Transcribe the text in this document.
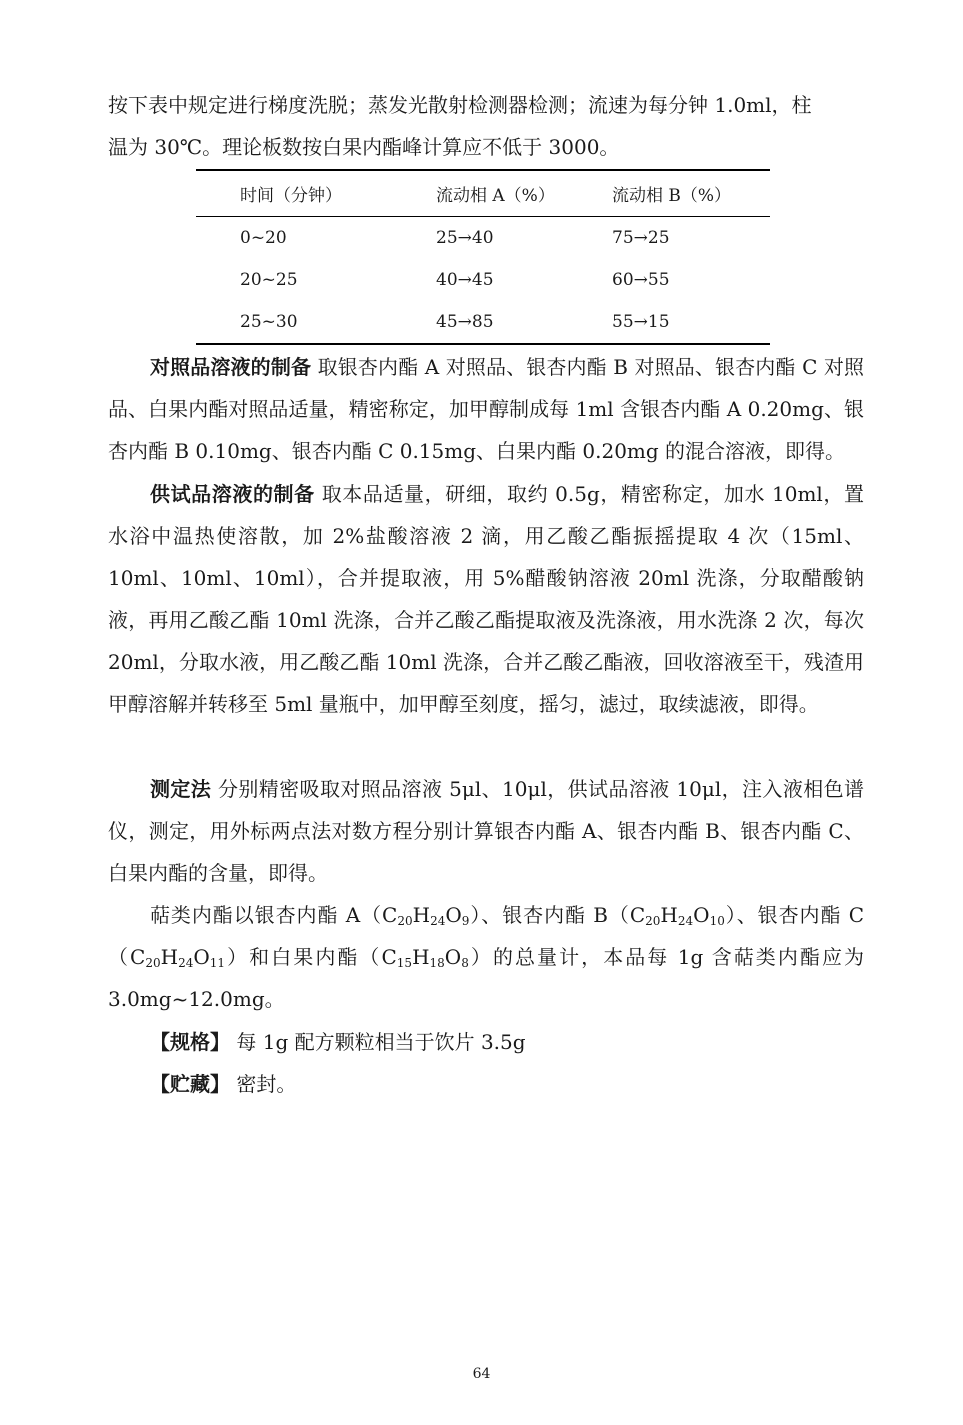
按下表中规定进行梯度洗脱；蒸发光散射检测器检测；流速为每分钟 1.0ml，柱
温为 30℃。理论板数按白果内酯峰计算应不低于 3000。

时间（分钟）	流动相 A（%）	流动相 B（%）
0~20	25→40	75→25
20~25	40→45	60→55
25~30	45→85	55→15

对照品溶液的制备 取银杏内酯 A 对照品、银杏内酯 B 对照品、银杏内酯 C 对照品、白果内酯对照品适量，精密称定，加甲醇制成每 1ml 含银杏内酯 A 0.20mg、银杏内酯 B 0.10mg、银杏内酯 C 0.15mg、白果内酯 0.20mg 的混合溶液，即得。

供试品溶液的制备 取本品适量，研细，取约 0.5g，精密称定，加水 10ml，置水浴中温热使溶散，加 2%盐酸溶液 2 滴，用乙酸乙酯振摇提取 4 次（15ml、10ml、10ml、10ml），合并提取液，用 5%醋酸钠溶液 20ml 洗涤，分取醋酸钠液，再用乙酸乙酯 10ml 洗涤，合并乙酸乙酯提取液及洗涤液，用水洗涤 2 次，每次 20ml，分取水液，用乙酸乙酯 10ml 洗涤，合并乙酸乙酯液，回收溶液至干，残渣用甲醇溶解并转移至 5ml 量瓶中，加甲醇至刻度，摇匀，滤过，取续滤液，即得。

测定法 分别精密吸取对照品溶液 5μl、10μl，供试品溶液 10μl，注入液相色谱仪，测定，用外标两点法对数方程分别计算银杏内酯 A、银杏内酯 B、银杏内酯 C、白果内酯的含量，即得。

萜类内酯以银杏内酯 $A(C_{20}H_{24}O_9)$、银杏内酯 $B(C_{20}H_{24}O_{10})$、银杏内酯 $C(C_{20}H_{24}O_{11})$和白果内酯$(C_{15}H_{18}O_8)$的总量计，本品每 1g 含萜类内酯应为 3.0mg~12.0mg。

【规格】 每 1g 配方颗粒相当于饮片 3.5g

【贮藏】 密封。

64
